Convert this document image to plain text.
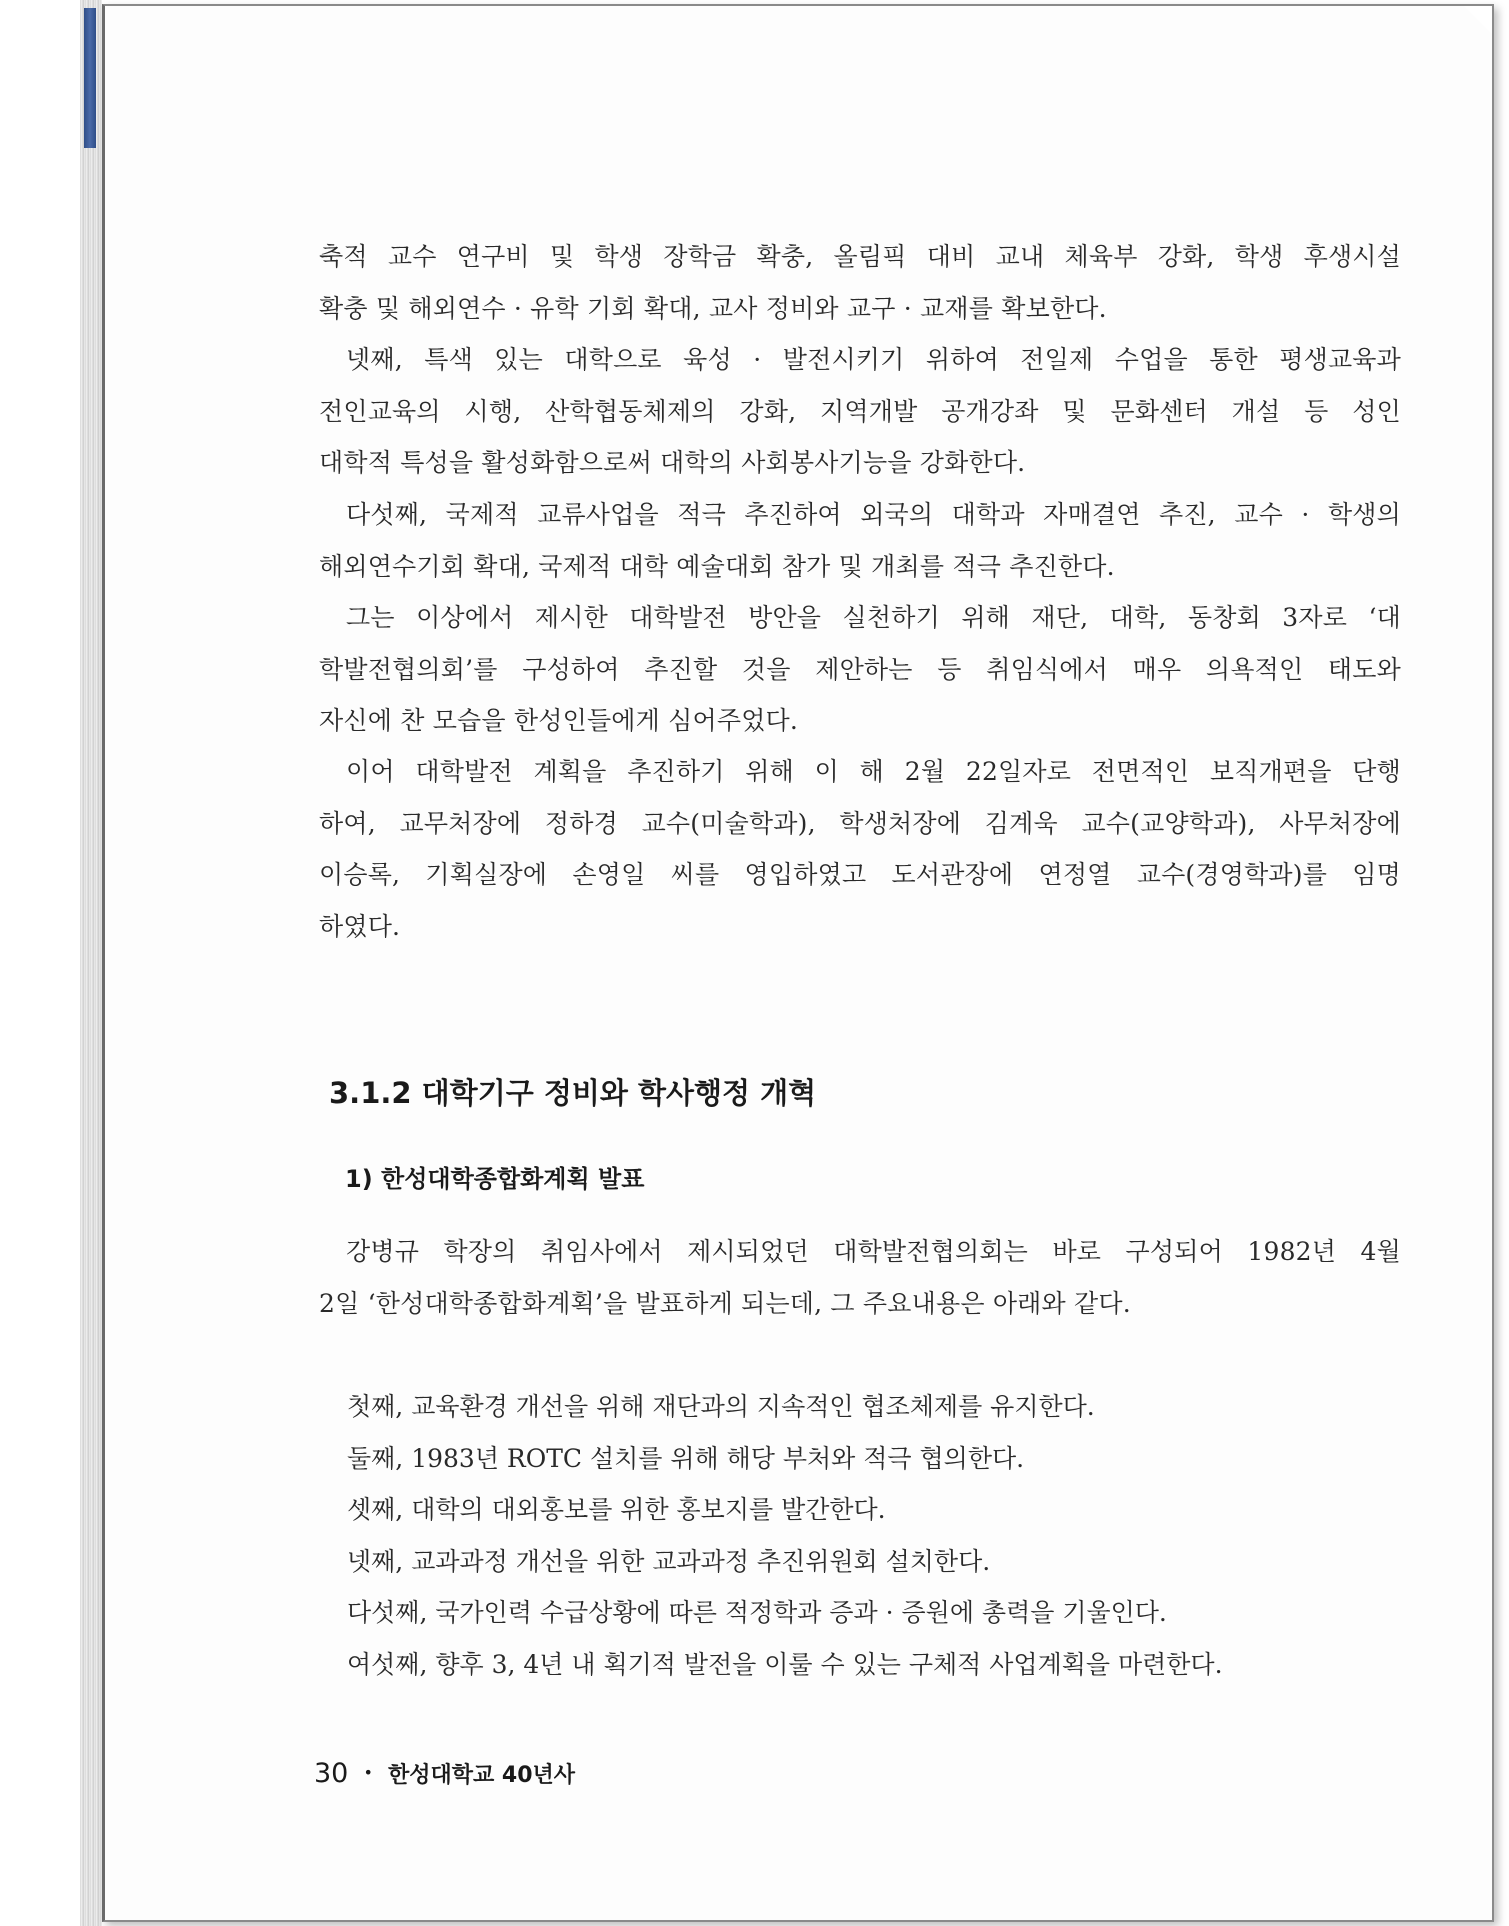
축적 교수 연구비 및 학생 장학금 확충, 올림픽 대비 교내 체육부 강화, 학생 후생시설

확충 및 해외연수 · 유학 기회 확대, 교사 정비와 교구 · 교재를 확보한다.

넷째, 특색 있는 대학으로 육성 · 발전시키기 위하여 전일제 수업을 통한 평생교육과

전인교육의 시행, 산학협동체제의 강화, 지역개발 공개강좌 및 문화센터 개설 등 성인

대학적 특성을 활성화함으로써 대학의 사회봉사기능을 강화한다.

다섯째, 국제적 교류사업을 적극 추진하여 외국의 대학과 자매결연 추진, 교수 · 학생의

해외연수기회 확대, 국제적 대학 예술대회 참가 및 개최를 적극 추진한다.

그는 이상에서 제시한 대학발전 방안을 실천하기 위해 재단, 대학, 동창회 3자로 ‘대

학발전협의회’를 구성하여 추진할 것을 제안하는 등 취임식에서 매우 의욕적인 태도와

자신에 찬 모습을 한성인들에게 심어주었다.

이어 대학발전 계획을 추진하기 위해 이 해 2월 22일자로 전면적인 보직개편을 단행

하여, 교무처장에 정하경 교수(미술학과), 학생처장에 김계욱 교수(교양학과), 사무처장에

이승록, 기획실장에 손영일 씨를 영입하였고 도서관장에 연정열 교수(경영학과)를 임명

하였다.

3.1.2 대학기구 정비와 학사행정 개혁
1) 한성대학종합화계획 발표

강병규 학장의 취임사에서 제시되었던 대학발전협의회는 바로 구성되어 1982년 4월

2일 ‘한성대학종합화계획’을 발표하게 되는데, 그 주요내용은 아래와 같다.

첫째, 교육환경 개선을 위해 재단과의 지속적인 협조체제를 유지한다.

둘째, 1983년 ROTC 설치를 위해 해당 부처와 적극 협의한다.

셋째, 대학의 대외홍보를 위한 홍보지를 발간한다.

넷째, 교과과정 개선을 위한 교과과정 추진위원회 설치한다.

다섯째, 국가인력 수급상황에 따른 적정학과 증과 · 증원에 총력을 기울인다.

여섯째, 향후 3, 4년 내 획기적 발전을 이룰 수 있는 구체적 사업계획을 마련한다.

30 • 한성대학교 40년사
